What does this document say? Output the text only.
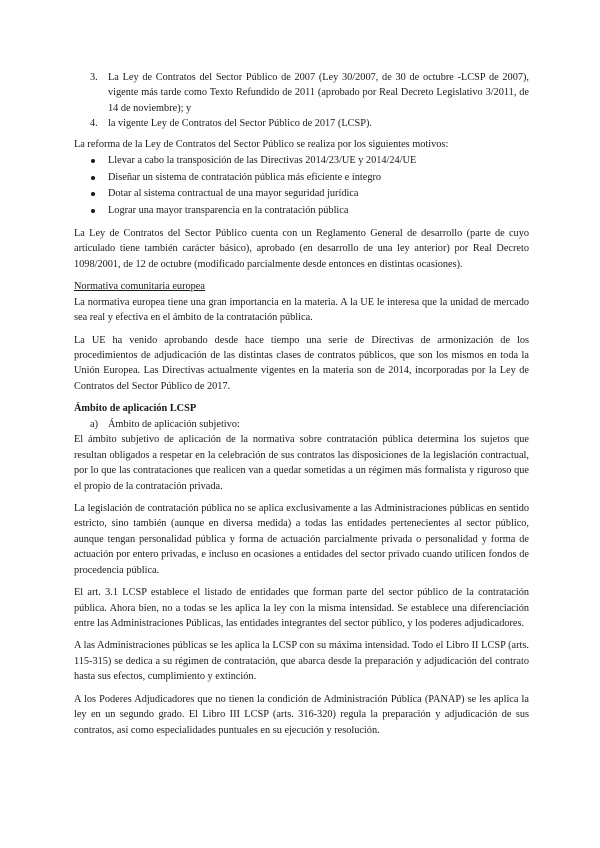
3. La Ley de Contratos del Sector Público de 2007 (Ley 30/2007, de 30 de octubre -LCSP de 2007), vigente más tarde como Texto Refundido de 2011 (aprobado por Real Decreto Legislativo 3/2011, de 14 de noviembre); y
4. la vigente Ley de Contratos del Sector Público de 2017 (LCSP).

La reforma de la Ley de Contratos del Sector Público se realiza por los siguientes motivos:

Llevar a cabo la transposición de las Directivas 2014/23/UE y 2014/24/UE
Diseñar un sistema de contratación pública más eficiente e íntegro
Dotar al sistema contractual de una mayor seguridad jurídica
Lograr una mayor transparencia en la contratación pública

La Ley de Contratos del Sector Público cuenta con un Reglamento General de desarrollo (parte de cuyo articulado tiene también carácter básico), aprobado (en desarrollo de una ley anterior) por Real Decreto 1098/2001, de 12 de octubre (modificado parcialmente desde entonces en distintas ocasiones).

Normativa comunitaria europea

La normativa europea tiene una gran importancia en la materia. A la UE le interesa que la unidad de mercado sea real y efectiva en el ámbito de la contratación pública.

La UE ha venido aprobando desde hace tiempo una serie de Directivas de armonización de los procedimientos de adjudicación de las distintas clases de contratos públicos, que son los mismos en toda la Unión Europea. Las Directivas actualmente vigentes en la materia son de 2014, incorporadas por la Ley de Contratos del Sector Público de 2017.

Ámbito de aplicación LCSP

a) Ámbito de aplicación subjetivo:

El ámbito subjetivo de aplicación de la normativa sobre contratación pública determina los sujetos que resultan obligados a respetar en la celebración de sus contratos las disposiciones de la legislación contractual, por lo que las contrataciones que realicen van a quedar sometidas a un régimen más formalista y riguroso que el propio de la contratación privada.

La legislación de contratación pública no se aplica exclusivamente a las Administraciones públicas en sentido estricto, sino también (aunque en diversa medida) a todas las entidades pertenecientes al sector público, aunque tengan personalidad pública y forma de actuación parcialmente privada o personalidad y forma de actuación por entero privadas, e incluso en ocasiones a entidades del sector privado cuando utilicen fondos de procedencia pública.

El art. 3.1 LCSP establece el listado de entidades que forman parte del sector público de la contratación pública. Ahora bien, no a todas se les aplica la ley con la misma intensidad. Se establece una diferenciación entre las Administraciones Públicas, las entidades integrantes del sector público, y los poderes adjudicadores.

A las Administraciones públicas se les aplica la LCSP con su máxima intensidad. Todo el Libro II LCSP (arts. 115-315) se dedica a su régimen de contratación, que abarca desde la preparación y adjudicación del contrato hasta sus efectos, cumplimiento y extinción.

A los Poderes Adjudicadores que no tienen la condición de Administración Pública (PANAP) se les aplica la ley en un segundo grado. El Libro III LCSP (arts. 316-320) regula la preparación y adjudicación de sus contratos, así como especialidades puntuales en su ejecución y resolución.
